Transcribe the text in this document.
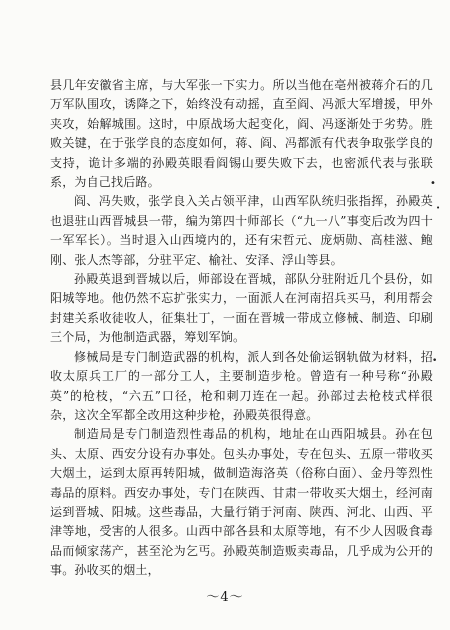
县几年安徽省主席，与大军张一下实力。所以当他在亳州被蒋介石的几万军队围攻，诱降之下，始终没有动摇，直至阎、冯派大军增援，甲外夹攻，始解城围。这时，中原战场大起变化，阎、冯逐渐处于劣势。胜败关键，在于张学良的态度如何，蒋、阎、冯都派有代表争取张学良的支持，诡计多端的孙殿英眼看阎锡山要失败下去，也密派代表与张联系，为自己找后路。

阎、冯失败，张学良入关占领平津，山西军队统归张指挥，孙殿英也退驻山西晋城县一带，编为第四十师部长（“九一八”事变后改为四十一军军长）。当时退入山西境内的，还有宋哲元、庞炳勋、高桂滋、鲍刚、张人杰等部，分驻平定、榆社、安泽、浮山等县。

孙殿英退到晋城以后，师部设在晋城，部队分驻附近几个县份，如阳城等地。他仍然不忘扩张实力，一面派人在河南招兵买马，利用帮会封建关系收徒收人，征集壮丁，一面在晋城一带成立修械、制造、印刷三个局，为他制造武器，筹划军饷。

修械局是专门制造武器的机构，派人到各处偷运钢轨做为材料，招收太原兵工厂的一部分工人，主要制造步枪。曾造有一种号称“孙殿英”的枪枝，“六五”口径，枪和刺刀连在一起。孙部过去枪枝式样很杂，这次全军都全改用这种步枪，孙殿英很得意。

制造局是专门制造烈性毒品的机构，地址在山西阳城县。孙在包头、太原、西安分设有办事处。包头办事处，专在包头、五原一带收买大烟土，运到太原再转阳城，做制造海洛英（俗称白面）、金丹等烈性毒品的原料。西安办事处，专门在陕西、甘肃一带收买大烟土，经河南运到晋城、阳城。这些毒品，大量行销于河南、陕西、河北、山西、平津等地，受害的人很多。山西中部各县和太原等地，有不少人因吸食毒品而倾家荡产，甚至沦为乞丐。孙殿英制造贩卖毒品，几乎成为公开的事。孙收买的烟土，

•
•
•
～4～
